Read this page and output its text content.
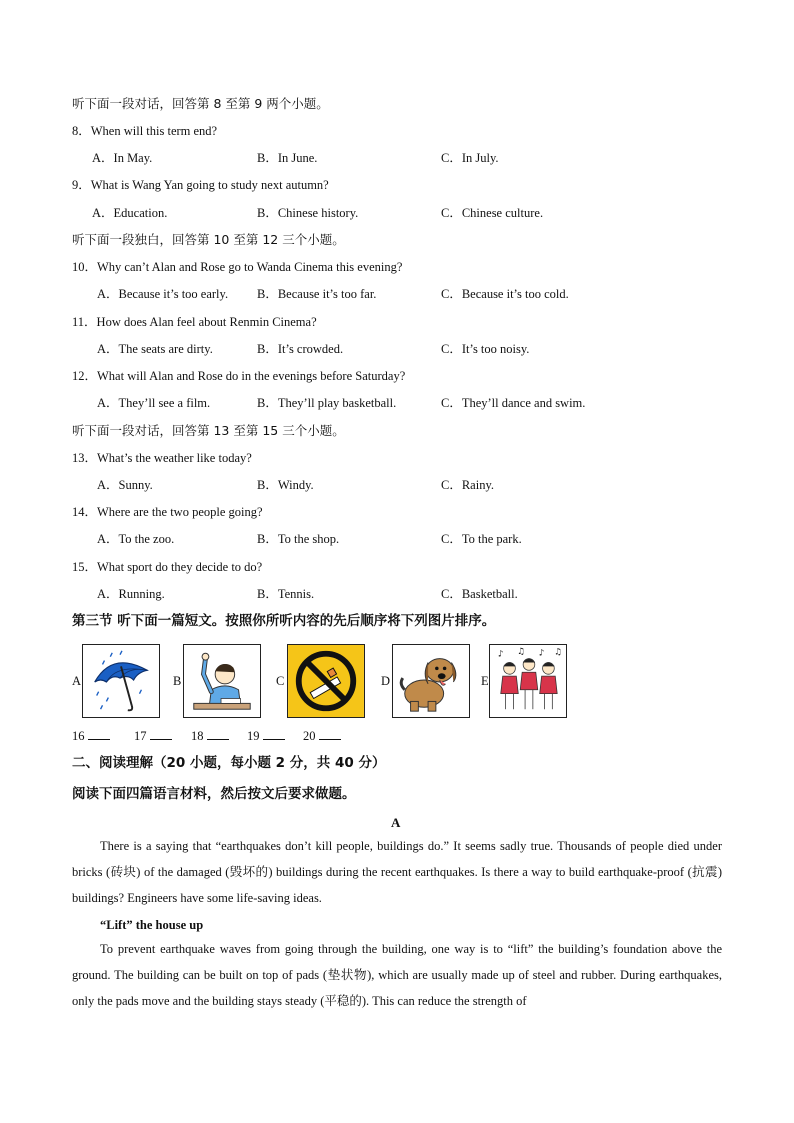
听下面一段对话，回答第 8 至第 9 两个小题。
8．When will this term end?
A．In May.	B．In June.	C．In July.
9．What is Wang Yan going to study next autumn?
A．Education.	B．Chinese history.	C．Chinese culture.
听下面一段独白，回答第 10 至第 12 三个小题。
10．Why can’t Alan and Rose go to Wanda Cinema this evening?
A．Because it’s too early. B．Because it’s too far.	C．Because it’s too cold.
11．How does Alan feel about Renmin Cinema?
A．The seats are dirty.	B．It’s crowded.	C．It’s too noisy.
12．What will Alan and Rose do in the evenings before Saturday?
A．They’ll see a film.	B．They’ll play basketball.	C．They’ll dance and swim.
听下面一段对话，回答第 13 至第 15 三个小题。
13．What’s the weather like today?
A．Sunny.	B．Windy.	C．Rainy.
14．Where are the two people going?
A．To the zoo.	B．To the shop.	C．To the park.
15．What sport do they decide to do?
A．Running.	B．Tennis.	C．Basketball.
第三节 听下面一篇短文。按照你所听内容的先后顺序将下列图片排序。
A	B	C	D	E
♪ ♫ ♪ ♫
16	17	18	19	20
二、阅读理解（20 小题，每小题 2 分，共 40 分）
阅读下面四篇语言材料，然后按文后要求做题。
A
There is a saying that “earthquakes don’t kill people, buildings do.” It seems sadly true. Thousands of people died under bricks (砖块) of the damaged (毁坏的) buildings during the recent earthquakes. Is there a way to build earthquake-proof (抗震) buildings? Engineers have some life-saving ideas.
“Lift” the house up
To prevent earthquake waves from going through the building, one way is to “lift” the building’s foundation above the ground. The building can be built on top of pads (垫状物), which are usually made up of steel and rubber. During earthquakes, only the pads move and the building stays steady (平稳的). This can reduce the strength of
